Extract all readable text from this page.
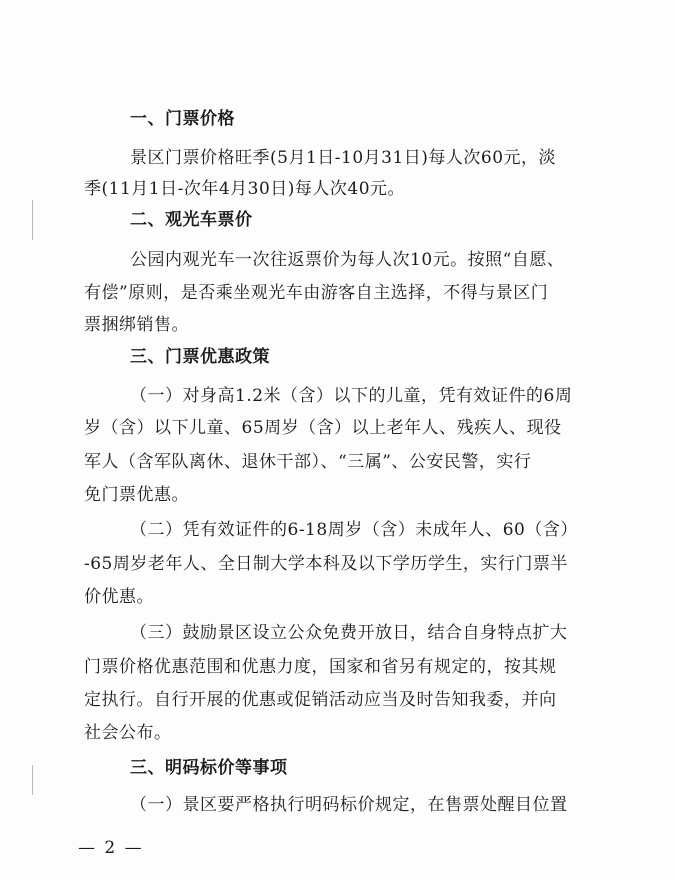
一、门票价格
景区门票价格旺季(5月1日-10月31日)每人次60元，淡
季(11月1日-次年4月30日)每人次40元。
二、观光车票价
公园内观光车一次往返票价为每人次10元。按照“自愿、
有偿”原则，是否乘坐观光车由游客自主选择，不得与景区门
票捆绑销售。
三、门票优惠政策
（一）对身高1.2米（含）以下的儿童，凭有效证件的6周
岁（含）以下儿童、65周岁（含）以上老年人、残疾人、现役
军人（含军队离休、退休干部）、“三属”、公安民警，实行
免门票优惠。
（二）凭有效证件的6-18周岁（含）未成年人、60（含）
-65周岁老年人、全日制大学本科及以下学历学生，实行门票半
价优惠。
（三）鼓励景区设立公众免费开放日，结合自身特点扩大
门票价格优惠范围和优惠力度，国家和省另有规定的，按其规
定执行。自行开展的优惠或促销活动应当及时告知我委，并向
社会公布。
三、明码标价等事项
（一）景区要严格执行明码标价规定，在售票处醒目位置
— 2 —
